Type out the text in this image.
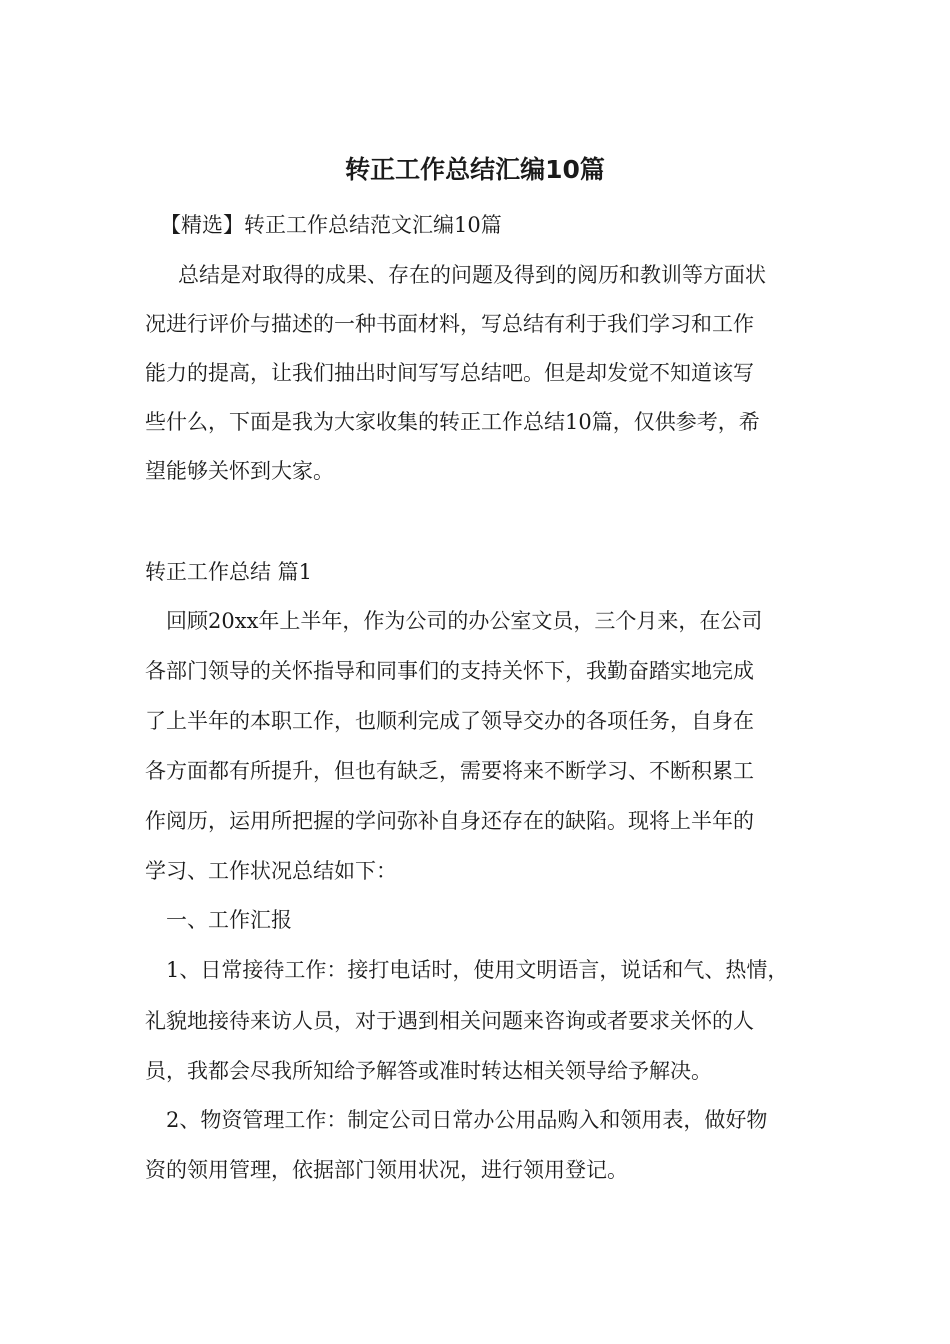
转正工作总结汇编10篇

【精选】转正工作总结范文汇编10篇

总结是对取得的成果、存在的问题及得到的阅历和教训等方面状

况进行评价与描述的一种书面材料，写总结有利于我们学习和工作

能力的提高，让我们抽出时间写写总结吧。但是却发觉不知道该写

些什么，下面是我为大家收集的转正工作总结10篇，仅供参考，希

望能够关怀到大家。

转正工作总结 篇1

回顾20xx年上半年，作为公司的办公室文员，三个月来，在公司

各部门领导的关怀指导和同事们的支持关怀下，我勤奋踏实地完成

了上半年的本职工作，也顺利完成了领导交办的各项任务，自身在

各方面都有所提升，但也有缺乏，需要将来不断学习、不断积累工

作阅历，运用所把握的学问弥补自身还存在的缺陷。现将上半年的

学习、工作状况总结如下：

一、工作汇报

1、日常接待工作：接打电话时，使用文明语言，说话和气、热情，

礼貌地接待来访人员，对于遇到相关问题来咨询或者要求关怀的人

员，我都会尽我所知给予解答或准时转达相关领导给予解决。

2、物资管理工作：制定公司日常办公用品购入和领用表，做好物

资的领用管理，依据部门领用状况，进行领用登记。
